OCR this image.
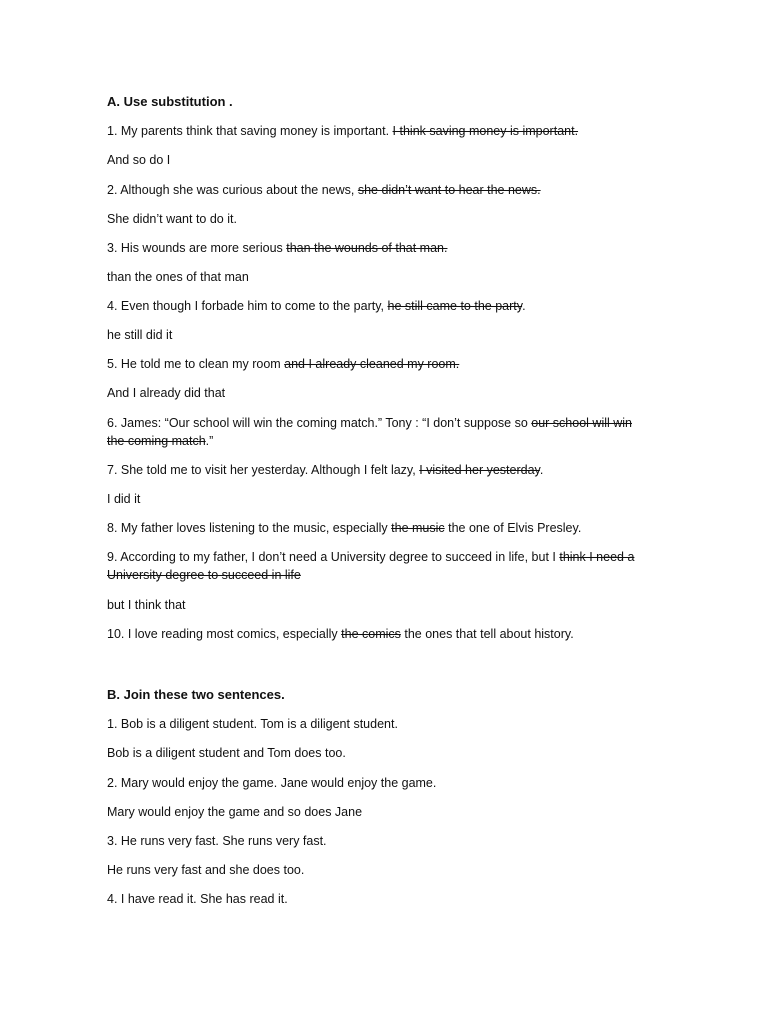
A. Use substitution .
1. My parents think that saving money is important. I think saving money is important.
And so do I
2. Although she was curious about the news, she didn’t want to hear the news.
She didn’t want to do it.
3. His wounds are more serious than the wounds of that man.
than the ones of that man
4. Even though I forbade him to come to the party, he still came to the party.
he still did it
5. He told me to clean my room and I already cleaned my room.
And I already did that
6. James: “Our school will win the coming match.” Tony : “I don’t suppose so our school will win the coming match.”
7. She told me to visit her yesterday. Although I felt lazy, I visited her yesterday.
I did it
8. My father loves listening to the music, especially the music the one of Elvis Presley.
9. According to my father, I don’t need a University degree to succeed in life, but I think I need a University degree to succeed in life
but I think that
10. I love reading most comics, especially the comics the ones that tell about history.
B. Join these two sentences.
1. Bob is a diligent student. Tom is a diligent student.
Bob is a diligent student and Tom does too.
2. Mary would enjoy the game. Jane would enjoy the game.
Mary would enjoy the game and so does Jane
3. He runs very fast. She runs very fast.
He runs very fast and she does too.
4. I have read it. She has read it.
